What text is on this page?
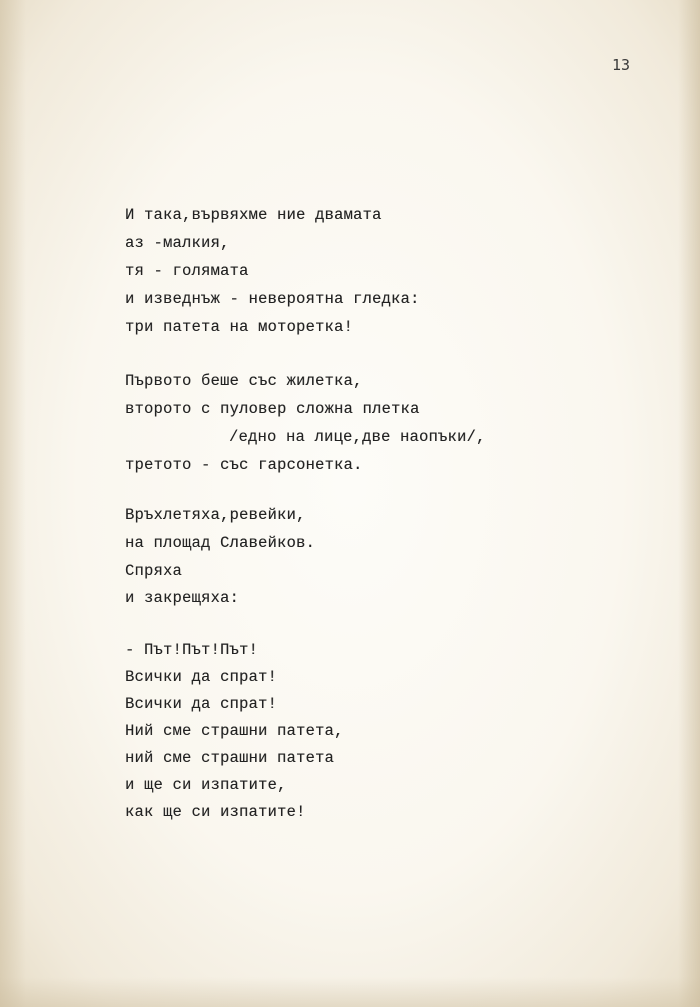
13
И така,вървяхме ние двамата
аз -малкия,
тя - голямата
и изведнъж - невероятна гледка:
три патета на моторетка!
Първото беше със жилетка,
второто с пуловер сложна плетка
/едно на лице,две наопъки/,
третото - със гарсонетка.
Връхлетяха,ревейки,
на площад Славейков.
Спряха
и закрещяха:
- Път!Път!Път!
Всички да спрат!
Всички да спрат!
Ний сме страшни патета,
ний сме страшни патета
и ще си изпатите,
как ще си изпатите!
